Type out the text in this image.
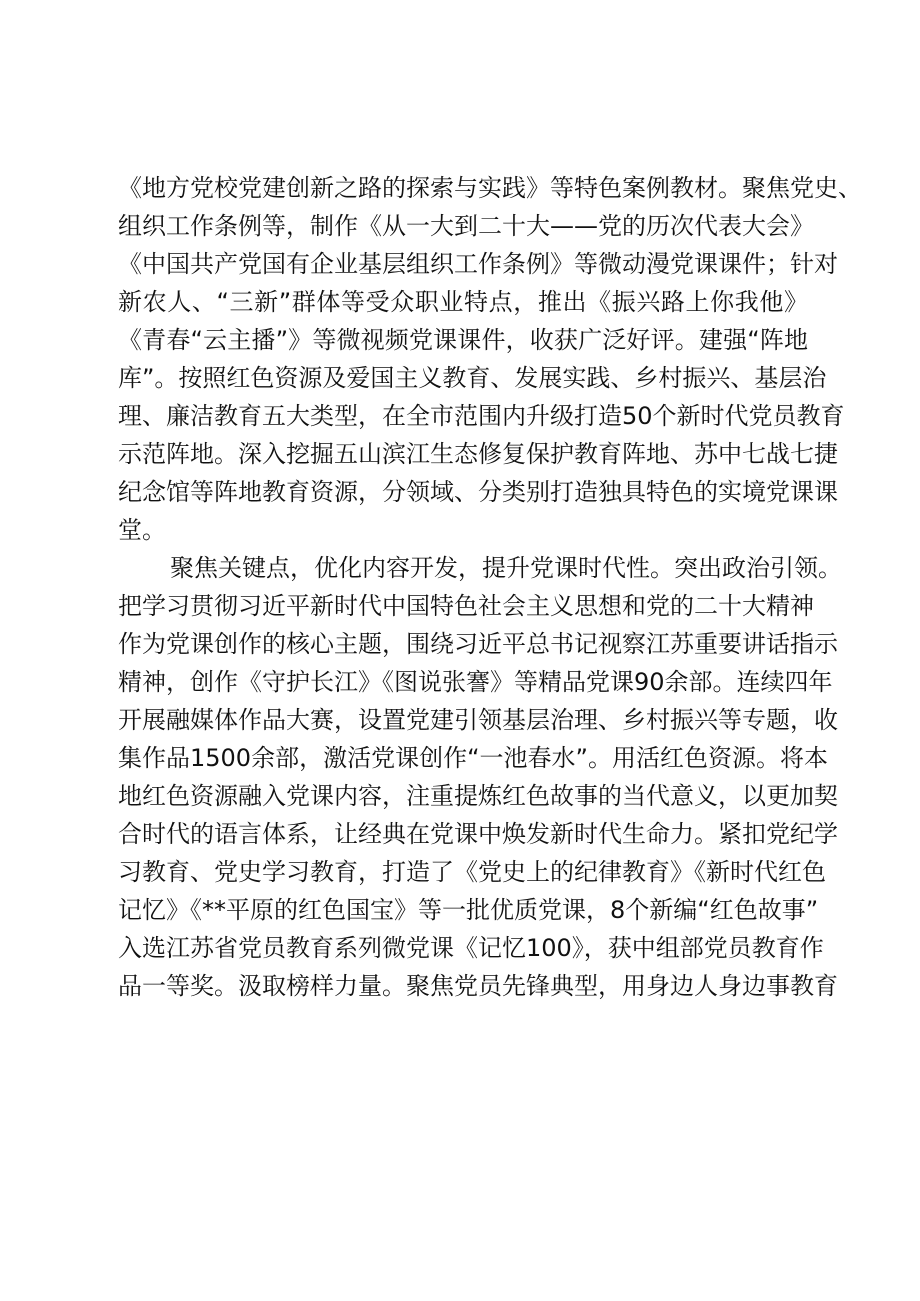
《地方党校党建创新之路的探索与实践》等特色案例教材。聚焦党史、
组织工作条例等，制作《从一大到二十大——党的历次代表大会》
《中国共产党国有企业基层组织工作条例》等微动漫党课课件；针对
新农人、“三新”群体等受众职业特点，推出《振兴路上你我他》
《青春“云主播”》等微视频党课课件，收获广泛好评。建强“阵地
库”。按照红色资源及爱国主义教育、发展实践、乡村振兴、基层治
理、廉洁教育五大类型，在全市范围内升级打造50个新时代党员教育
示范阵地。深入挖掘五山滨江生态修复保护教育阵地、苏中七战七捷
纪念馆等阵地教育资源，分领域、分类别打造独具特色的实境党课课
堂。
聚焦关键点，优化内容开发，提升党课时代性。突出政治引领。
把学习贯彻习近平新时代中国特色社会主义思想和党的二十大精神
作为党课创作的核心主题，围绕习近平总书记视察江苏重要讲话指示
精神，创作《守护长江》《图说张謇》等精品党课90余部。连续四年
开展融媒体作品大赛，设置党建引领基层治理、乡村振兴等专题，收
集作品1500余部，激活党课创作“一池春水”。用活红色资源。将本
地红色资源融入党课内容，注重提炼红色故事的当代意义，以更加契
合时代的语言体系，让经典在党课中焕发新时代生命力。紧扣党纪学
习教育、党史学习教育，打造了《党史上的纪律教育》《新时代红色
记忆》《**平原的红色国宝》等一批优质党课，8个新编“红色故事”
入选江苏省党员教育系列微党课《记忆100》，获中组部党员教育作
品一等奖。汲取榜样力量。聚焦党员先锋典型，用身边人身边事教育
